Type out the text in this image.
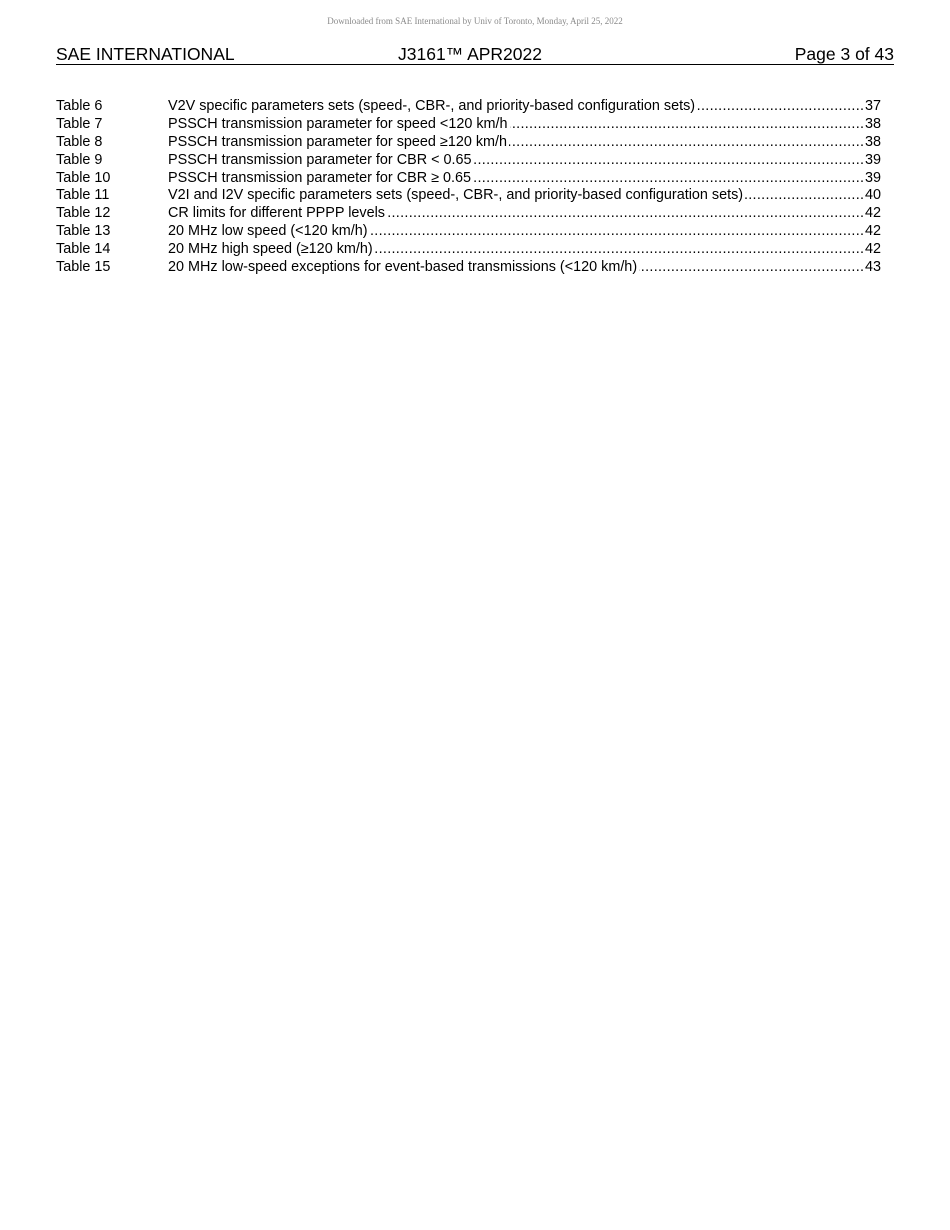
Downloaded from SAE International by Univ of Toronto, Monday, April 25, 2022
SAE INTERNATIONAL	J3161™ APR2022	Page 3 of 43
Table 6	V2V specific parameters sets (speed-, CBR-, and priority-based configuration sets) .....	37
Table 7	PSSCH transmission parameter for speed <120 km/h .....	38
Table 8	PSSCH transmission parameter for speed ≥120 km/h .....	38
Table 9	PSSCH transmission parameter for CBR < 0.65 .....	39
Table 10	PSSCH transmission parameter for CBR ≥ 0.65 .....	39
Table 11	V2I and I2V specific parameters sets (speed-, CBR-, and priority-based configuration sets) .....	40
Table 12	CR limits for different PPPP levels .....	42
Table 13	20 MHz low speed (<120 km/h) .....	42
Table 14	20 MHz high speed (≥120 km/h) .....	42
Table 15	20 MHz low-speed exceptions for event-based transmissions (<120 km/h) .....	43
